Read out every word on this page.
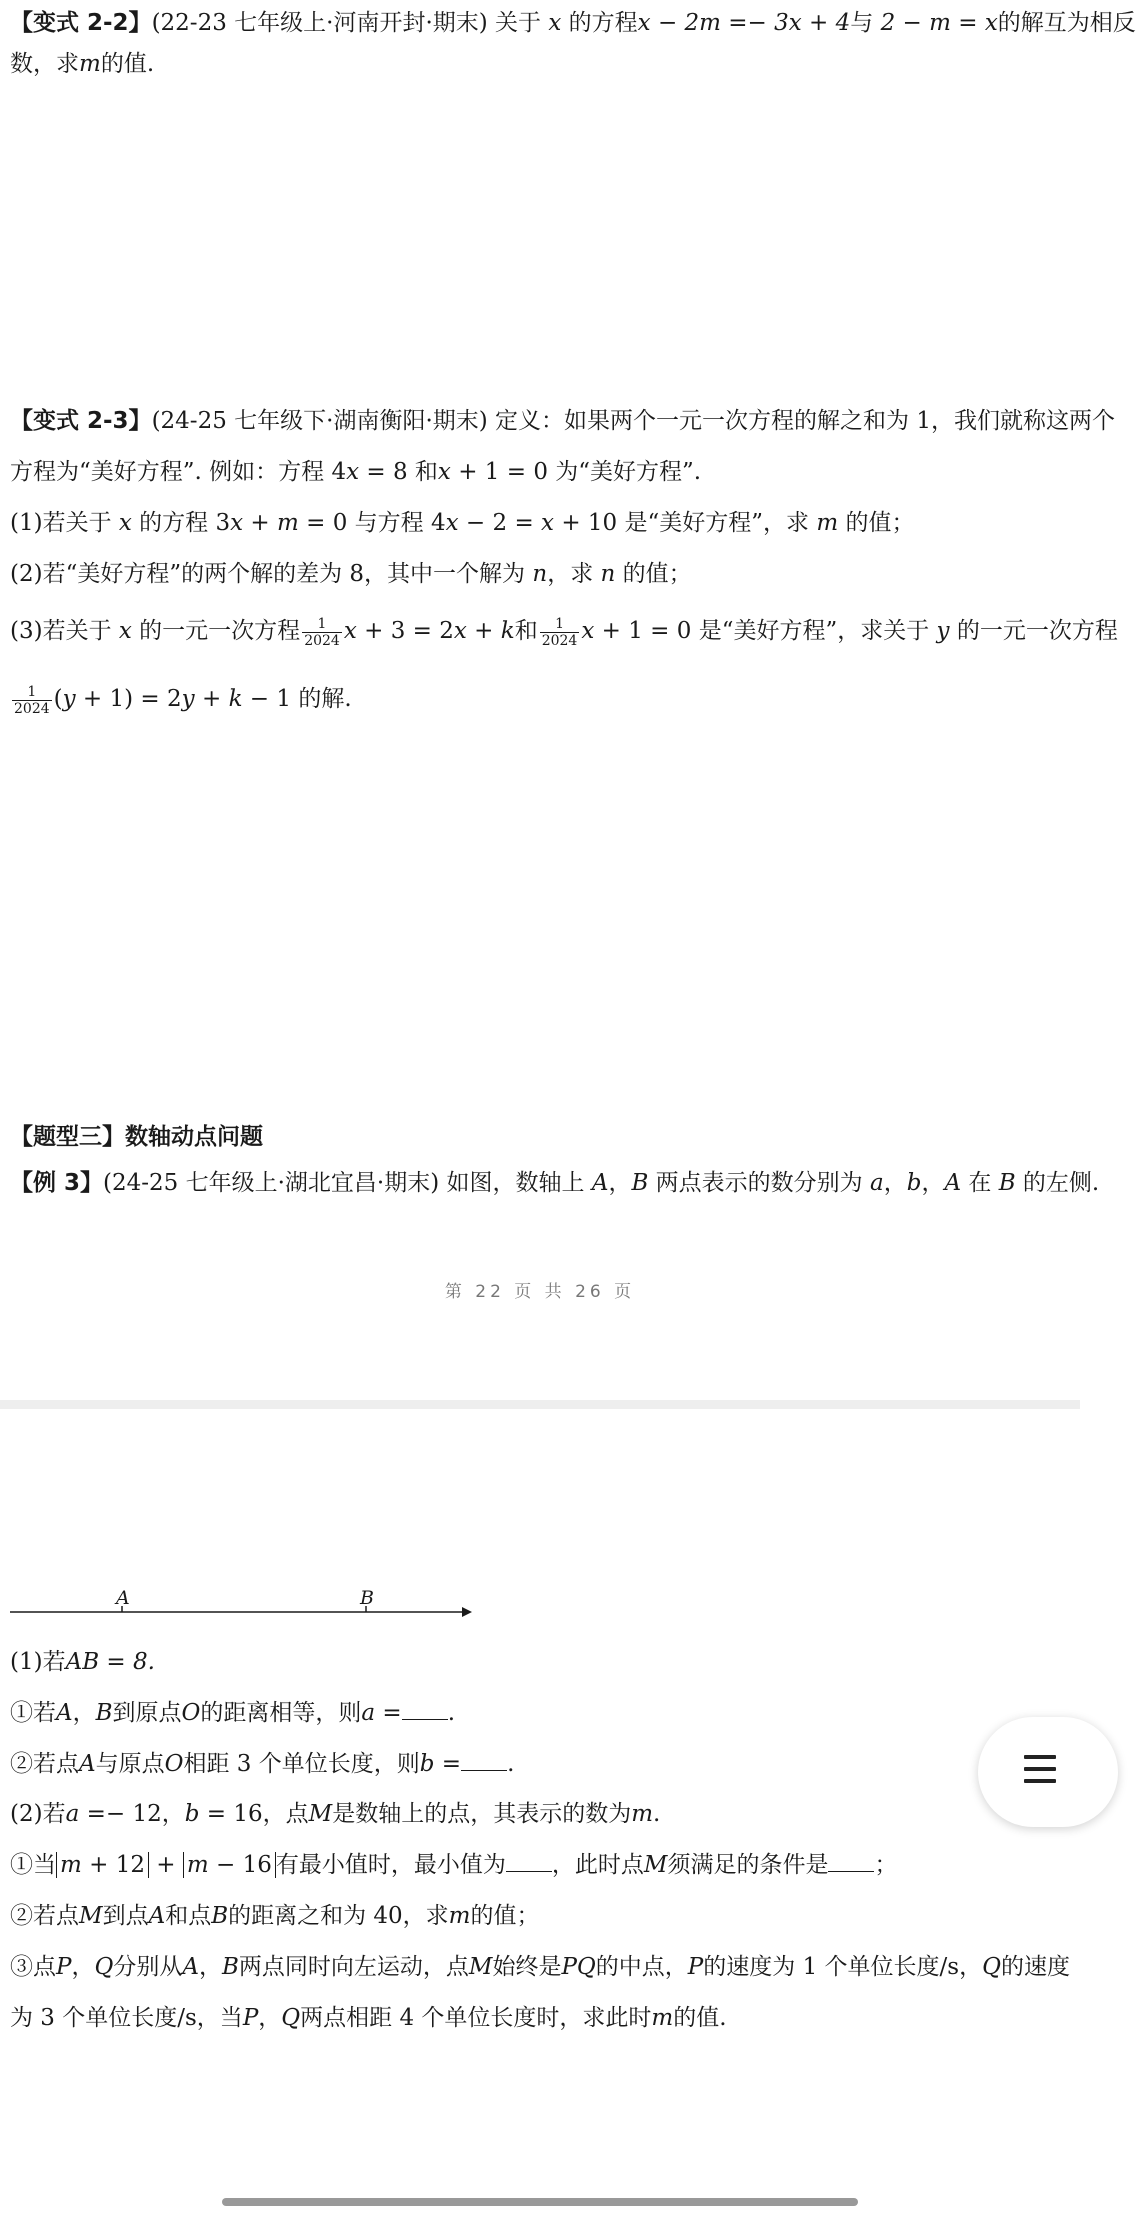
【变式 2-2】(22-23 七年级上·河南开封·期末) 关于 x 的方程x − 2m =− 3x + 4与 2 − m = x的解互为相反
数，求m的值.
【变式 2-3】(24-25 七年级下·湖南衡阳·期末) 定义：如果两个一元一次方程的解之和为 1，我们就称这两个
方程为“美好方程”. 例如：方程 4x = 8 和x + 1 = 0 为“美好方程”.
(1)若关于 x 的方程 3x + m = 0 与方程 4x − 2 = x + 10 是“美好方程”，求 m 的值；
(2)若“美好方程”的两个解的差为 8，其中一个解为 n，求 n 的值；
(3)若关于 x 的一元一次方程 $\frac{1}{2024}$ x + 3 = 2x + k和 $\frac{1}{2024}$ x + 1 = 0 是“美好方程”，求关于 y 的一元一次方程
$\frac{1}{2024} (y + 1) = 2y + k - 1$ 的解.
【题型三】数轴动点问题
【例 3】(24-25 七年级上·湖北宜昌·期末) 如图，数轴上 A，B 两点表示的数分别为 a，b，A 在 B 的左侧.
第 22 页 共 26 页
A	B
(1)若AB = 8.
①若A，B到原点O的距离相等，则a = .
②若点A与原点O相距 3 个单位长度，则b = .
(2)若a =− 12，b = 16，点M是数轴上的点，其表示的数为m.
①当 m + 12 + m − 16 有最小值时，最小值为 ，此时点M须满足的条件是 ；
②若点M到点A和点B的距离之和为 40，求m的值；
③点P，Q分别从A，B两点同时向左运动，点M始终是PQ的中点，P的速度为 1 个单位长度/s，Q的速度
为 3 个单位长度/s，当P，Q两点相距 4 个单位长度时，求此时m的值.
